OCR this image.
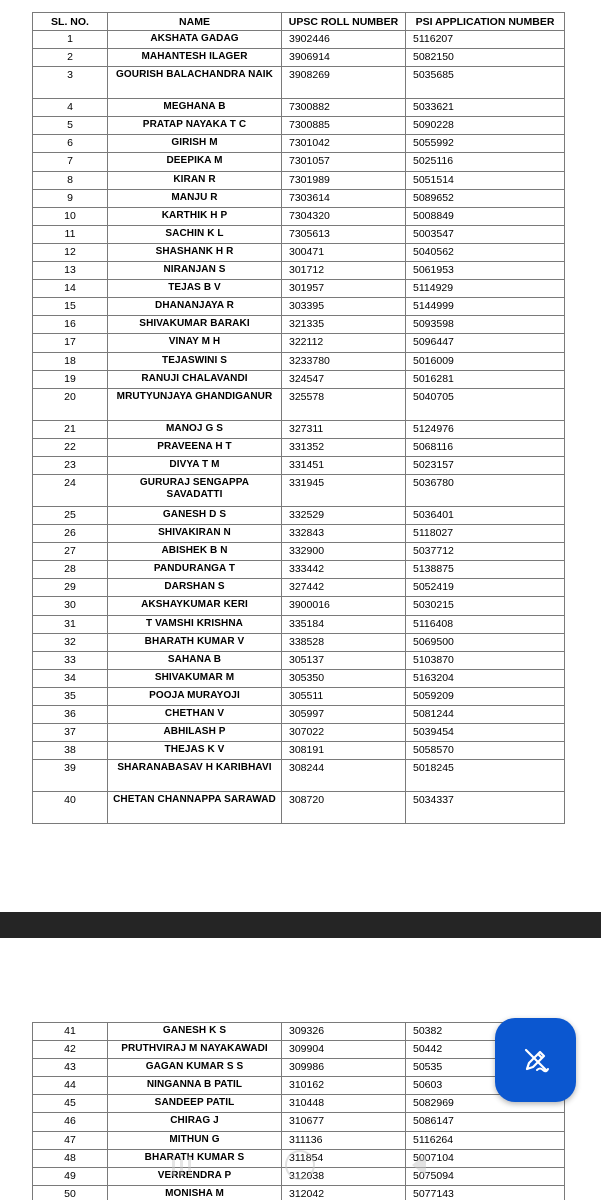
SL. NO.	NAME	UPSC ROLL NUMBER	PSI APPLICATION NUMBER
1	AKSHATA GADAG	3902446	5116207
2	MAHANTESH ILAGER	3906914	5082150
3	GOURISH BALACHANDRA NAIK	3908269	5035685
4	MEGHANA B	7300882	5033621
5	PRATAP NAYAKA T C	7300885	5090228
6	GIRISH M	7301042	5055992
7	DEEPIKA M	7301057	5025116
8	KIRAN R	7301989	5051514
9	MANJU R	7303614	5089652
10	KARTHIK H P	7304320	5008849
11	SACHIN K L	7305613	5003547
12	SHASHANK H R	300471	5040562
13	NIRANJAN S	301712	5061953
14	TEJAS B V	301957	5114929
15	DHANANJAYA R	303395	5144999
16	SHIVAKUMAR BARAKI	321335	5093598
17	VINAY M H	322112	5096447
18	TEJASWINI S	3233780	5016009
19	RANUJI CHALAVANDI	324547	5016281
20	MRUTYUNJAYA GHANDIGANUR	325578	5040705
21	MANOJ G S	327311	5124976
22	PRAVEENA H T	331352	5068116
23	DIVYA T M	331451	5023157
24	GURURAJ SENGAPPA SAVADATTI	331945	5036780
25	GANESH D S	332529	5036401
26	SHIVAKIRAN N	332843	5118027
27	ABISHEK B N	332900	5037712
28	PANDURANGA T	333442	5138875
29	DARSHAN S	327442	5052419
30	AKSHAYKUMAR KERI	3900016	5030215
31	T VAMSHI KRISHNA	335184	5116408
32	BHARATH KUMAR V	338528	5069500
33	SAHANA B	305137	5103870
34	SHIVAKUMAR M	305350	5163204
35	POOJA MURAYOJI	305511	5059209
36	CHETHAN V	305997	5081244
37	ABHILASH P	307022	5039454
38	THEJAS K V	308191	5058570
39	SHARANABASAV H KARIBHAVI	308244	5018245
40	CHETAN CHANNAPPA SARAWAD	308720	5034337
41	GANESH K S	309326	50382
42	PRUTHVIRAJ M NAYAKAWADI	309904	50442
43	GAGAN KUMAR S S	309986	50535
44	NINGANNA B PATIL	310162	50603
45	SANDEEP PATIL	310448	5082969
46	CHIRAG J	310677	5086147
47	MITHUN G	311136	5116264
48	BHARATH KUMAR S	311854	5007104
49	VERRENDRA P	312038	5075094
50	MONISHA M	312042	5077143
